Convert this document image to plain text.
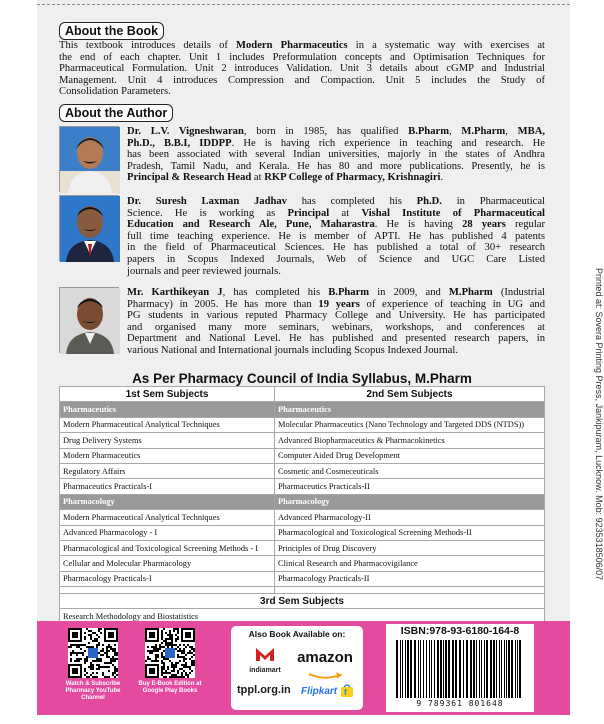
About the Book
This textbook introduces details of Modern Pharmaceutics in a systematic way with exercises at
the end of each chapter. Unit 1 includes Preformulation concepts and Optimisation Techniques for
Pharmaceutical Formulation. Unit 2 introduces Validation. Unit 3 details about cGMP and Industrial
Management. Unit 4 introduces Compression and Compaction. Unit 5 includes the Study of
Consolidation Parameters.
About the Author
Dr. L.V. Vigneshwaran, born in 1985, has qualified B.Pharm, M.Pharm, MBA,
Ph.D., B.B.I, IDDPP. He is having rich experience in teaching and research. He
has been associated with several Indian universities, majorly in the states of Andhra
Pradesh, Tamil Nadu, and Kerala. He has 80 and more publications. Presently, he is
Principal & Research Head at RKP College of Pharmacy, Krishnagiri.
Dr. Suresh Laxman Jadhav has completed his Ph.D. in Pharmaceutical
Science. He is working as Principal at Vishal Institute of Pharmaceutical
Education and Research Ale, Pune, Maharastra. He is having 28 years regular
full time teaching experience. He is member of APTI. He has published 4 patents
in the field of Pharmaceutical Sciences. He has published a total of 30+ research
papers in Scopus Indexed Journals, Web of Science and UGC Care Listed
journals and peer reviewed journals.
Mr. Karthikeyan J, has completed his B.Pharm in 2009, and M.Pharm (Industrial
Pharmacy) in 2005. He has more than 19 years of experience of teaching in UG and
PG students in various reputed Pharmacy College and University. He has participated
and organised many more seminars, webinars, workshops, and conferences at
Department and National Level. He has published and presented research papers, in
various National and International journals including Scopus Indexed Journal.
As Per Pharmacy Council of India Syllabus, M.Pharm
1st Sem Subjects	2nd Sem Subjects
Pharmaceutics	Pharmaceutics
Modern Pharmaceutical Analytical Techniques	Molecular Pharmaceutics (Nano Technology and Targeted DDS (NTDS))
Drug Delivery Systems	Advanced Biopharmaceutics & Pharmacokinetics
Modern Pharmaceutics	Computer Aided Drug Development
Regulatory Affairs	Cosmetic and Cosmeceuticals
Pharmaceutics Practicals-I	Pharmaceutics Practicals-II
Pharmacology	Pharmacology
Modern Pharmaceutical Analytical Techniques	Advanced Pharmacology-II
Advanced Pharmacology - I	Pharmacological and Toxicological Screening Methods-II
Pharmacological and Toxicological Screening Methods - I	Principles of Drug Discovery
Cellular and Molecular Pharmacology	Clinical Research and Pharmacovigilance
Pharmacology Practicals-I	Pharmacology Practicals-II

3rd Sem Subjects	
Research Methodology and Biostatistics	
Watch & Subscribe Pharmacy YouTube Channel
Buy E-Book Edition at Google Play Books
Also Book Available on:
indiamart
amazon
tppl.org.in Flipkart f
ISBN:978-93-6180-164-8
9 789361 801648
Printed at: Sovera Printing Press, Jankipuram, Lucknow. Mob: 9235318506/07
